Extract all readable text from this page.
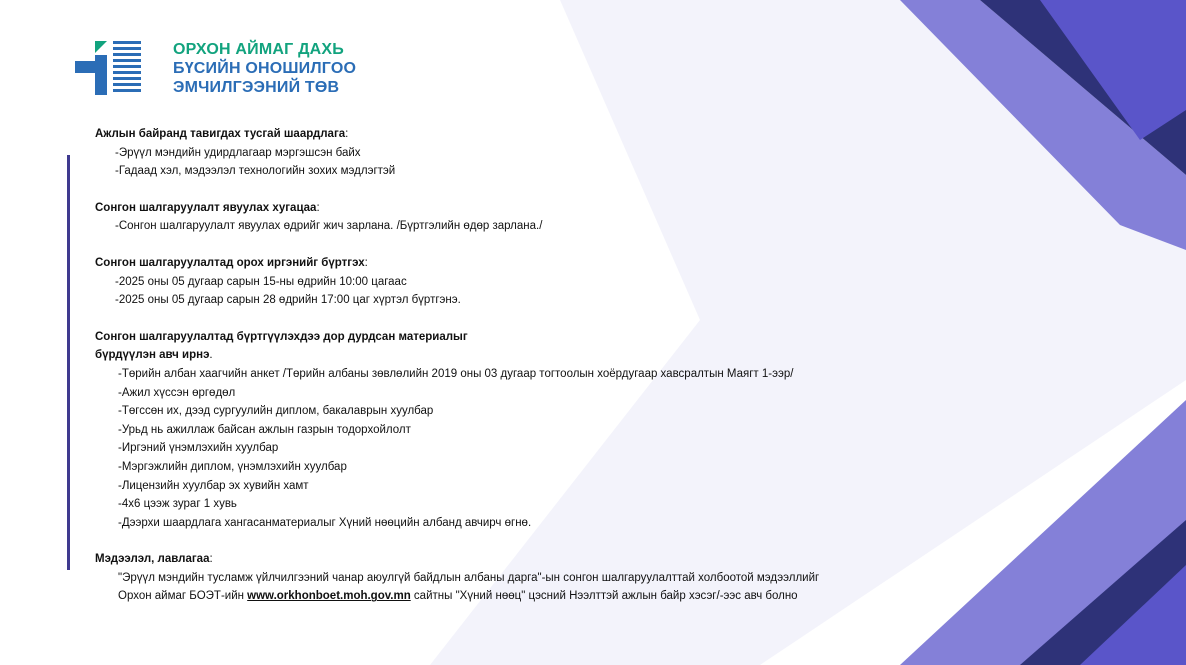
ОРХОН АЙМАГ ДАХЬ
БҮСИЙН ОНОШИЛГОО
ЭМЧИЛГЭЭНИЙ ТӨВ
Ажлын байранд тавигдах тусгай шаардлага:
-Эрүүл мэндийн удирдлагаар мэргэшсэн байх
-Гадаад хэл, мэдээлэл технологийн зохих мэдлэгтэй
Сонгон шалгаруулалт явуулах хугацаа:
-Сонгон шалгаруулалт явуулах өдрийг жич зарлана. /Бүртгэлийн өдөр зарлана./
Сонгон шалгаруулалтад орох иргэнийг бүртгэх:
-2025 оны 05 дугаар сарын 15-ны өдрийн 10:00 цагаас
-2025 оны 05 дугаар сарын 28 өдрийн 17:00 цаг хүртэл бүртгэнэ.
Сонгон шалгаруулалтад бүртгүүлэхдээ дор дурдсан материалыг
бүрдүүлэн авч ирнэ.
-Төрийн албан хаагчийн анкет /Төрийн албаны зөвлөлийн 2019 оны 03 дугаар тогтоолын хоёрдугаар хавсралтын Маягт 1-ээр/
-Ажил хүссэн өргөдөл
-Төгссөн их, дээд сургуулийн диплом, бакалаврын хуулбар
-Урьд нь ажиллаж байсан ажлын газрын тодорхойлолт
-Иргэний үнэмлэхийн хуулбар
-Мэргэжлийн диплом, үнэмлэхийн хуулбар
-Лицензийн хуулбар эх хувийн хамт
-4х6 цээж зураг 1 хувь
-Дээрхи шаардлага хангасанматериалыг Хүний нөөцийн албанд авчирч өгнө.
Мэдээлэл, лавлагаа:
"Эрүүл мэндийн тусламж үйлчилгээний чанар аюулгүй байдлын албаны дарга"-ын сонгон шалгаруулалттай холбоотой мэдээллийг
Орхон аймаг БОЭТ-ийн www.orkhonboet.moh.gov.mn сайтны "Хүний нөөц" цэсний Нээлттэй ажлын байр хэсэг/-ээс авч болно
